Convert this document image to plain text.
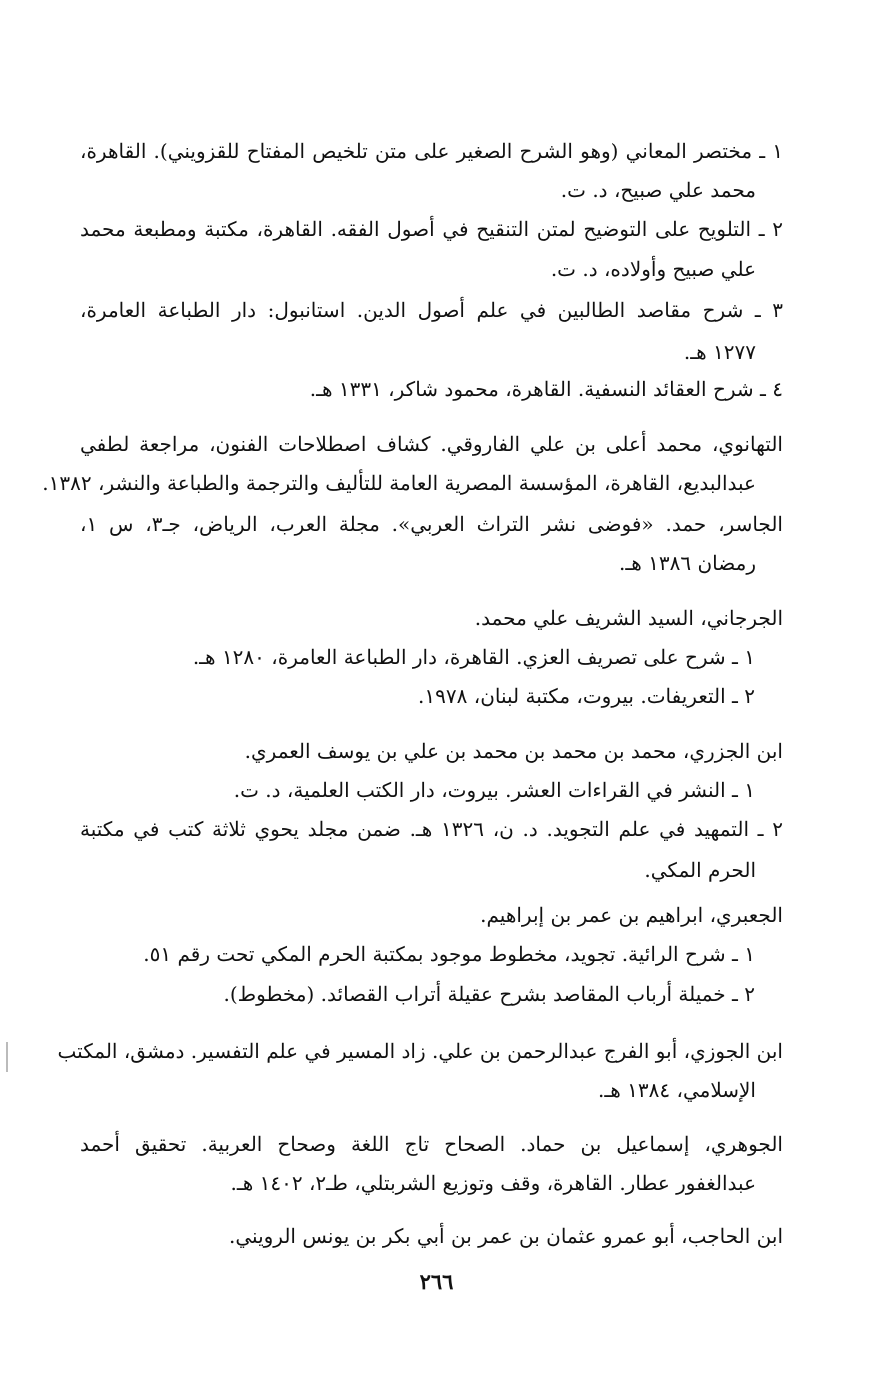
١ ـ مختصر المعاني (وهو الشرح الصغير على متن تلخيص المفتاح للقزويني). القاهرة،
محمد علي صبيح، د. ت.
٢ ـ التلويح على التوضيح لمتن التنقيح في أصول الفقه. القاهرة، مكتبة ومطبعة محمد
علي صبيح وأولاده، د. ت.
٣ ـ شرح مقاصد الطالبين في علم أصول الدين. استانبول: دار الطباعة العامرة،
١٢٧٧ هـ.
٤ ـ شرح العقائد النسفية. القاهرة، محمود شاكر، ١٣٣١ هـ.
التهانوي، محمد أعلى بن علي الفاروقي. كشاف اصطلاحات الفنون، مراجعة لطفي
عبدالبديع، القاهرة، المؤسسة المصرية العامة للتأليف والترجمة والطباعة والنشر، ١٣٨٢.
الجاسر، حمد. «فوضى نشر التراث العربي». مجلة العرب، الرياض، جـ٣، س ١،
رمضان ١٣٨٦ هـ.
الجرجاني، السيد الشريف علي محمد.
١ ـ شرح على تصريف العزي. القاهرة، دار الطباعة العامرة، ١٢٨٠ هـ.
٢ ـ التعريفات. بيروت، مكتبة لبنان، ١٩٧٨.
ابن الجزري، محمد بن محمد بن محمد بن علي بن يوسف العمري.
١ ـ النشر في القراءات العشر. بيروت، دار الكتب العلمية، د. ت.
٢ ـ التمهيد في علم التجويد. د. ن، ١٣٢٦ هـ. ضمن مجلد يحوي ثلاثة كتب في مكتبة
الحرم المكي.
الجعبري، ابراهيم بن عمر بن إبراهيم.
١ ـ شرح الرائية. تجويد، مخطوط موجود بمكتبة الحرم المكي تحت رقم ٥١.
٢ ـ خميلة أرباب المقاصد بشرح عقيلة أتراب القصائد. (مخطوط).
ابن الجوزي، أبو الفرج عبدالرحمن بن علي. زاد المسير في علم التفسير. دمشق، المكتب
الإسلامي، ١٣٨٤ هـ.
الجوهري، إسماعيل بن حماد. الصحاح تاج اللغة وصحاح العربية. تحقيق أحمد
عبدالغفور عطار. القاهرة، وقف وتوزيع الشربتلي، طـ٢، ١٤٠٢ هـ.
ابن الحاجب، أبو عمرو عثمان بن عمر بن أبي بكر بن يونس الرويني.
٢٦٦
